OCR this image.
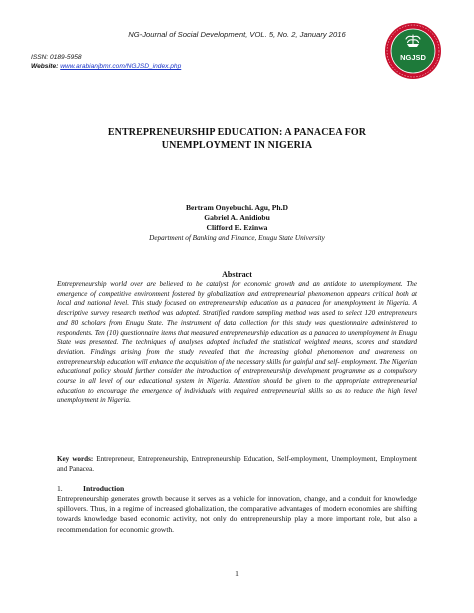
NG-Journal of Social Development, VOL. 5, No. 2, January 2016
ISSN: 0189-5958
Website: www.arabianjbmr.com/NGJSD_index.php
NGJSD
ENTREPRENEURSHIP EDUCATION: A PANACEA FOR
UNEMPLOYMENT IN NIGERIA
Bertram Onyebuchi. Agu, Ph.D
Gabriel A. Anidiobu
Clifford E. Ezinwa
Department of Banking and Finance, Enugu State University
Abstract
Entrepreneurship world over are believed to be catalyst for economic growth and an antidote to unemployment. The emergence of competitive environment fostered by globalization and entrepreneurial phenomenon appears critical both at local and national level. This study focused on entrepreneurship education as a panacea for unemployment in Nigeria. A descriptive survey research method was adopted. Stratified random sampling method was used to select 120 entrepreneurs and 80 scholars from Enugu State. The instrument of data collection for this study was questionnaire administered to respondents. Ten (10) questionnaire items that measured entrepreneurship education as a panacea to unemployment in Enugu State was presented. The techniques of analyses adopted included the statistical weighted means, scores and standard deviation. Findings arising from the study revealed that the increasing global phenomenon and awareness on entrepreneurship education will enhance the acquisition of the necessary skills for gainful and self- employment. The Nigerian educational policy should further consider the introduction of entrepreneurship development programme as a compulsory course in all level of our educational system in Nigeria. Attention should be given to the appropriate entrepreneurial education to encourage the emergence of individuals with required entrepreneurial skills so as to reduce the high level unemployment in Nigeria.
Key words: Entrepreneur, Entrepreneurship, Entrepreneurship Education, Self-employment, Unemployment, Employment and Panacea.
1.	Introduction
Entrepreneurship generates growth because it serves as a vehicle for innovation, change, and a conduit for knowledge spillovers. Thus, in a regime of increased globalization, the comparative advantages of modern economies are shifting towards knowledge based economic activity, not only do entrepreneurship play a more important role, but also a recommendation for economic growth.
1
